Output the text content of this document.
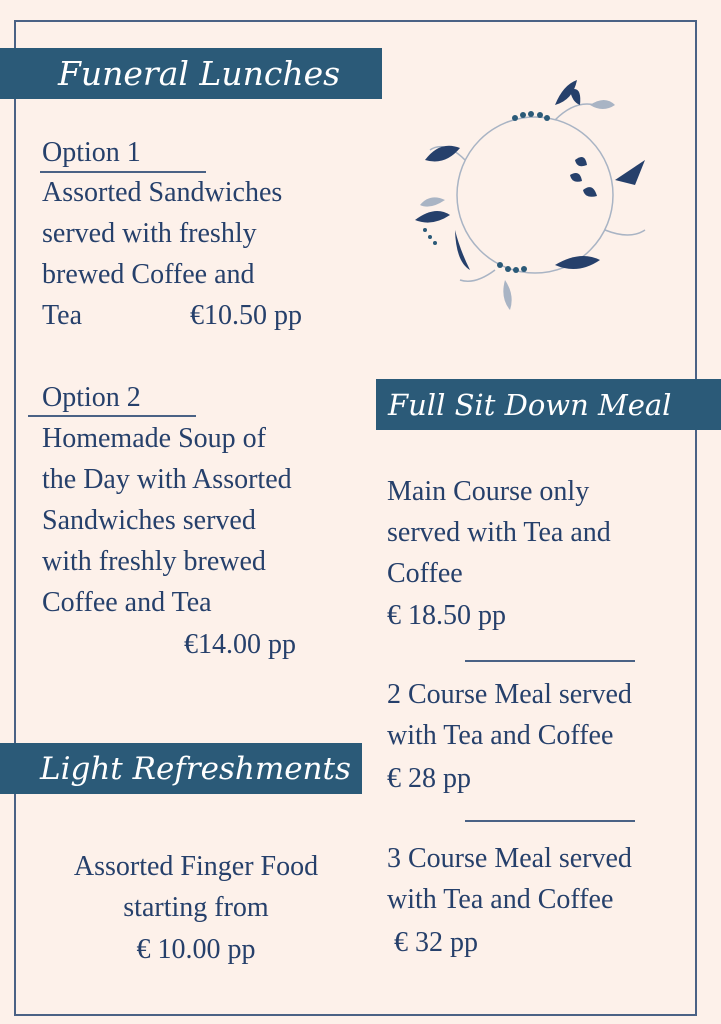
Funeral Lunches
Option 1
Assorted Sandwiches
served with freshly
brewed Coffee and
Tea	€10.50 pp
Option 2
Homemade Soup of
the Day with Assorted
Sandwiches served
with freshly brewed
Coffee and Tea
€14.00 pp
Light Refreshments
Assorted Finger Food
starting from
€ 10.00 pp
Full Sit Down Meal
Main Course only
served with Tea and
Coffee
€ 18.50 pp
2 Course Meal served
with Tea and Coffee
€ 28 pp
3 Course Meal served
with Tea and Coffee
€ 32 pp
